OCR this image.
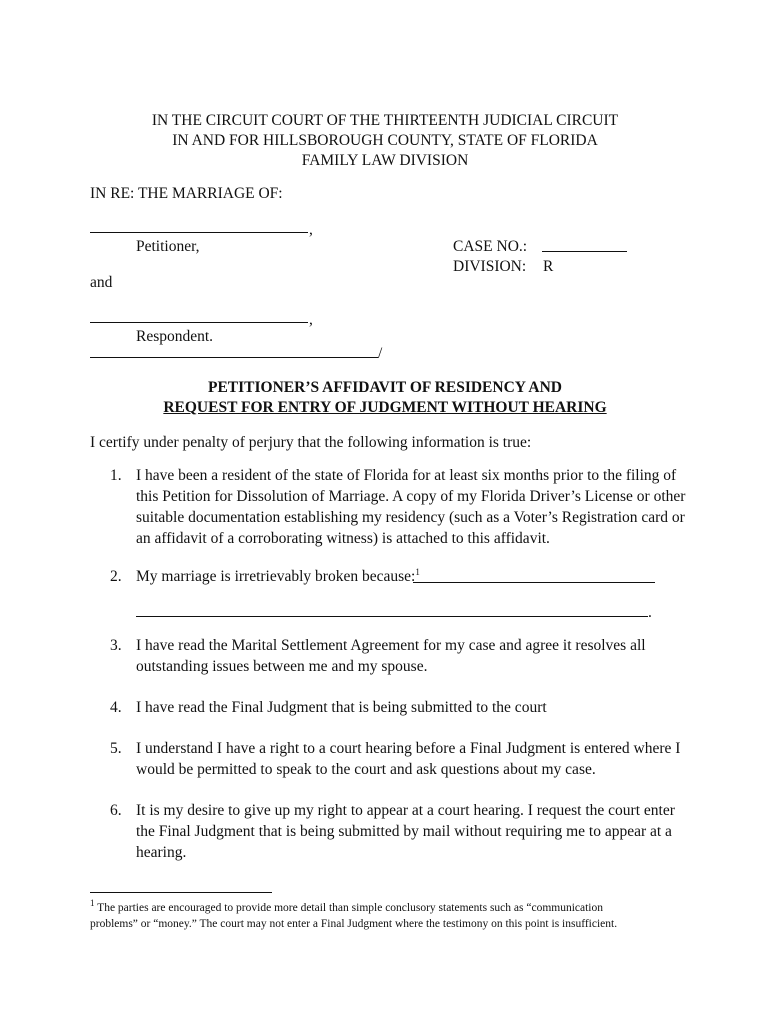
IN THE CIRCUIT COURT OF THE THIRTEENTH JUDICIAL CIRCUIT
IN AND FOR HILLSBOROUGH COUNTY, STATE OF FLORIDA
FAMILY LAW DIVISION
IN RE: THE MARRIAGE OF:
,
Petitioner,	CASE NO.:
DIVISION: R
and
,
Respondent.
/
PETITIONER’S AFFIDAVIT OF RESIDENCY AND
REQUEST FOR ENTRY OF JUDGMENT WITHOUT HEARING
I certify under penalty of perjury that the following information is true:
1. I have been a resident of the state of Florida for at least six months prior to the filing of
this Petition for Dissolution of Marriage. A copy of my Florida Driver’s License or other
suitable documentation establishing my residency (such as a Voter’s Registration card or
an affidavit of a corroborating witness) is attached to this affidavit.
2. My marriage is irretrievably broken because:$^1$
.
3. I have read the Marital Settlement Agreement for my case and agree it resolves all
outstanding issues between me and my spouse.
4. I have read the Final Judgment that is being submitted to the court
5. I understand I have a right to a court hearing before a Final Judgment is entered where I
would be permitted to speak to the court and ask questions about my case.
6. It is my desire to give up my right to appear at a court hearing. I request the court enter
the Final Judgment that is being submitted by mail without requiring me to appear at a
hearing.
$^1$ The parties are encouraged to provide more detail than simple conclusory statements such as “communication
problems” or “money.” The court may not enter a Final Judgment where the testimony on this point is insufficient.
